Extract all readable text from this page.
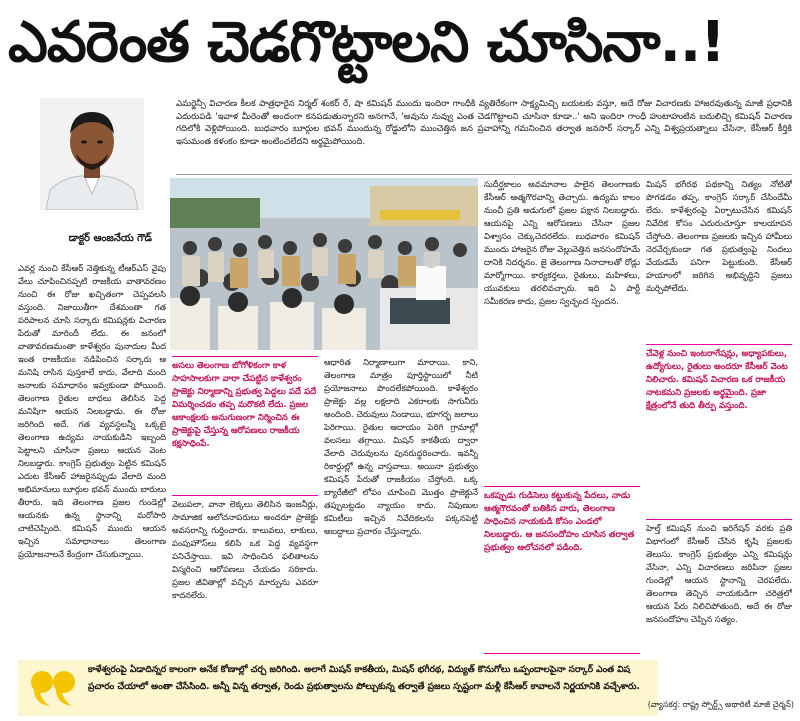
ఎవరెంత చెడగొట్టాలని చూసినా..!
డాక్టర్ ఆంజనేయ గౌడ్
ఎమర్జెన్సీ విచారణ కీలక పాత్రధారైన నిర్మల్ శంకర్ రే, షా కమిషన్ ముందు ఇందిరా గాంధీకి వ్యతిరేకంగా సాక్ష్యమిచ్చి బయటకు వస్తూ, అదే రోజు విచారణకు హాజరవుతున్న మాజీ ప్రధానికి ఎదురుపడి 'ఇవాళ మీరెంతో అందంగా కనపడుతున్నారని అనగానే, 'అవును నువ్వు ఎంత చెడగొట్టాలని చూసినా కూడా..' అని ఇందిరా గాంధీ హుటాహుటిన బదులిచ్చి కమిషన్ విచారణ గదిలోకి వెళ్లిపోయింది. బుధవారం బూర్గుల భవన్ ముందున్న రోడ్డులోని ముంచెత్తిన జన ప్రవాహాన్ని గమనించిన తర్వాత జనసార్ సర్కార్ ఎన్ని విశ్వప్రయత్నాలు చేసినా, కేసీఆర్ కీర్తికి ఇసుమంత కళంకం కూడా అంటించలేదని అర్థమైపోయింది.
ఎవర్ల నుంచి కేసీఆర్ నెత్తికున్న టీఆర్ఎస్ వైపు వేలు చూపించినప్పటి రాజకీయ వాతావరణం నుంచి ఈ రోజు ఖచ్చితంగా చెప్పవలసి వస్తుంది. నిజాయితీగా దేశమంతా గత పరిపాలన చూసి సర్కారు కమిషన్లకు విచారణ పేరుతో మారిందీ లేదు. ఈ జనంలో వాతావరణమంతా కాళేశ్వరం పునాదుల మీద ఇంత రాజకీయం నడిపించిన సర్కారు ఆ మనిషి రాసిన పుస్తకాలే కాదు, వేలాది మంది జనాలకు సమాధానం ఇవ్వకుండా పోయింది. తెలంగాణ రైతుల బాధలు తెలిసిన పెద్ద మనిషిగా ఆయన నిలబడ్డాడు. ఈ రోజు జరిగింది అదే. గత వ్యవస్థలన్నీ ఒక్కటై తెలంగాణ ఉద్యమ నాయకుడిని ఇబ్బంది పెట్టాలని చూసినా ప్రజలు ఆయన వెంట నిలబడ్డారు. కాంగ్రెస్ ప్రభుత్వం పెట్టిన కమిషన్ ఎదుట కేసీఆర్ హాజరైనప్పుడు వేలాది మంది అభిమానులు బూర్గుల భవన్ ముందు బారులు తీరారు. ఇది తెలంగాణ ప్రజల గుండెల్లో ఆయనకు ఉన్న స్థానాన్ని మరోసారి చాటిచెప్పింది. కమిషన్ ముందు ఆయన ఇచ్చిన సమాధానాలు తెలంగాణ ప్రయోజనాలనే కేంద్రంగా చేసుకున్నాయి.
అసలు తెలంగాణ బోగోళికంగా కాళ సాహసాలకుగా వారా చేపట్టిన కాళేశ్వరం ప్రాజెక్టు నిర్మాణాన్ని ప్రభుత్వ పెద్దలు పదే పదే విమర్శించడం తప్ప మరొకటి లేదు. ప్రజల ఆకాంక్షలకు అనుగుణంగా నిర్మించిన ఈ ప్రాజెక్టుపై చేస్తున్న ఆరోపణలు రాజకీయ కక్షసాధింపే.
వెలుపలా, వానా లెక్కలు తెలిసిన ఇంజనీర్లు, సామాజిక ఆలోచనాపరులు అందరూ ప్రాజెక్టు అవసరాన్ని గుర్తించారు. కాలువలు, లాకులు, పంపుహౌస్‌లు కలిసి ఒక పెద్ద వ్యవస్థగా పనిచేస్తాయి. ఇవి సాధించిన ఫలితాలను విస్మరించి ఆరోపణలు చేయడం సరికాదు. ప్రజల జీవితాల్లో వచ్చిన మార్పును ఎవరూ కాదనలేరు.
ఆధారిత నిర్మాణాలుగా మారాయి. కాని, తెలంగాణ మాత్రం పూర్తిస్థాయిలో నీటి ప్రయోజనాలు పొందలేకపోయింది. కాళేశ్వరం ప్రాజెక్టు వల్ల లక్షలాది ఎకరాలకు సాగునీరు అందింది. చెరువులు నిండాయి, భూగర్భ జలాలు పెరిగాయి. రైతుల ఆదాయం పెరిగి గ్రామాల్లో వలసలు తగ్గాయి. మిషన్ కాకతీయ ద్వారా వేలాది చెరువులను పునరుద్ధరించారు. ఇవన్నీ రికార్డుల్లో ఉన్న వాస్తవాలు. అయినా ప్రభుత్వం కమిషన్ పేరుతో రాజకీయం చేస్తోంది. ఒక్క బ్యారేజీలో లోపం చూపించి మొత్తం ప్రాజెక్టునే తప్పుబట్టడం న్యాయం కాదు. నిపుణుల కమిటీలు ఇచ్చిన నివేదికలను పక్కనపెట్టి అబద్ధాలు ప్రచారం చేస్తున్నారు.
సుదీర్ఘకాలం అవమానాల పాలైన తెలంగాణకు కేసీఆర్ ఆత్మగౌరవాన్ని తెచ్చారు. ఉద్యమ కాలం నుంచీ ప్రతి అడుగులో ప్రజల పక్షాన నిలబడ్డారు. ఆయనపై ఎన్ని ఆరోపణలు చేసినా ప్రజల విశ్వాసం చెక్కుచెదరలేదు. బుధవారం కమిషన్ ముందు హాజరైన రోజు వెల్లువెత్తిన జనసందోహమే దానికి నిదర్శనం. జై తెలంగాణ నినాదాలతో రోడ్లు మార్మోగాయి. కార్యకర్తలు, రైతులు, మహిళలు, యువకులు తరలివచ్చారు. ఇది ఏ పార్టీ సమీకరణ కాదు, ప్రజల స్వచ్ఛంద స్పందన.
ఒకప్పుడు గుడిసెలు కట్టుకున్న పేదలు, నాడు ఆత్మగౌరవంతో బతికిన వారు, తెలంగాణ సాధించిన నాయకుడి కోసం ఎండలో నిలబడ్డారు. ఆ జనసందోహం చూసిన తర్వాత ప్రభుత్వం ఆలోచనలో పడింది.
మిషన్ భగీరథ పథకాన్ని నిత్యం నోటితో పొగడడం తప్ప, కాంగ్రెస్ సర్కార్ చేసిందేమీ లేదు. కాళేశ్వరంపై ఏర్పాటుచేసిన కమిషన్ నివేదిక కోసం ఎదురుచూస్తూ కాలయాపన చేస్తోంది. తెలంగాణ ప్రజలకు ఇచ్చిన హామీలు నెరవేర్చకుండా గత ప్రభుత్వంపై నిందలు వేయడమే పనిగా పెట్టుకుంది. కేసీఆర్ హయాంలో జరిగిన అభివృద్ధిని ప్రజలు మర్చిపోలేదు.
చేవెళ్ల నుంచి ఇంటరాగేషన్లు, అధ్యాపకులు, ఉద్యోగులు, రైతులు అందరూ కేసీఆర్ వెంట నిలిచారు. కమిషన్ విచారణ ఒక రాజకీయ నాటకమని ప్రజలకు అర్థమైంది. ప్రజా క్షేత్రంలోనే తుది తీర్పు వస్తుంది.
హెల్త్ కమిషన్ నుంచి ఇరిగేషన్ వరకు ప్రతి విభాగంలో కేసీఆర్ చేసిన కృషి ప్రజలకు తెలుసు. కాంగ్రెస్ ప్రభుత్వం ఎన్ని కమిషన్లు వేసినా, ఎన్ని విచారణలు జరిపినా ప్రజల గుండెల్లో ఆయన స్థానాన్ని చెరపలేదు. తెలంగాణ తెచ్చిన నాయకుడిగా చరిత్రలో ఆయన పేరు నిలిచిపోతుంది. అదే ఈ రోజు జనసందోహం చెప్పిన సత్యం.
కాళేశ్వరంపై ఏడాదిన్నర కాలంగా అనేక కోణాల్లో చర్చ జరిగింది. అలాగే మిషన్ కాకతీయ, మిషన్ భగీరథ, విద్యుత్ కొనుగోలు ఒప్పందాలపైనా సర్కార్ ఎంత విష ప్రచారం చేయాలో అంతా చేసేసింది. అన్నీ విన్న తర్వాత, రెండు ప్రభుత్వాలను పోల్చుకున్న తర్వాతే ప్రజలు స్పష్టంగా మళ్లీ కేసీఆర్ కావాలనే నిర్ణయానికి వచ్చేశారు.
(వ్యాసకర్త: రాష్ట్ర స్పోర్ట్స్ అథారిటీ మాజీ చైర్మన్)
